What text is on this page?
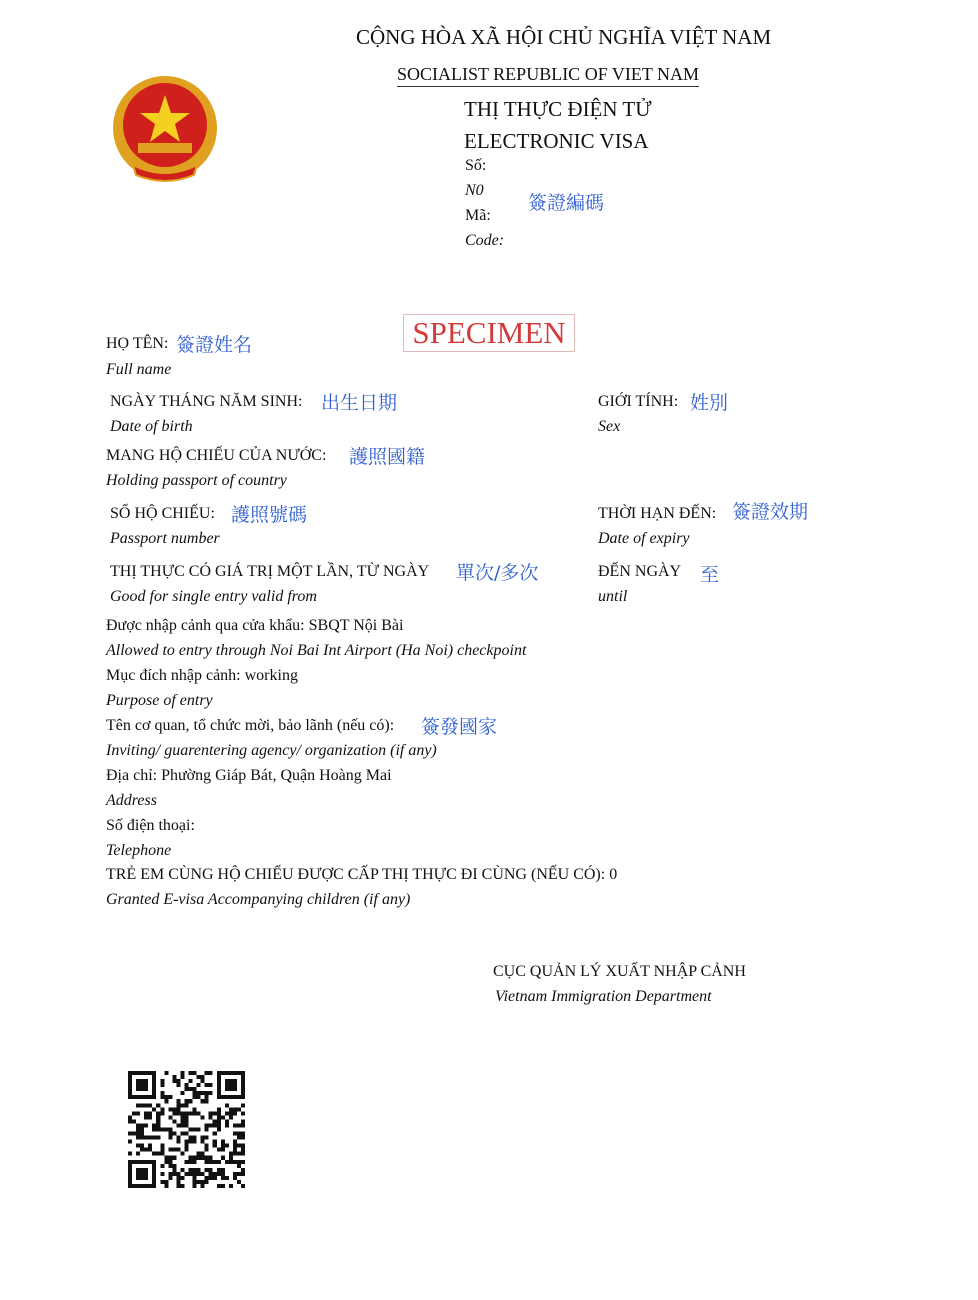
CỘNG HÒA XÃ HỘI CHỦ NGHĨA VIỆT NAM
SOCIALIST REPUBLIC OF VIET NAM
THỊ THỰC ĐIỆN TỬ
ELECTRONIC VISA
Số:
N0
Mã:
Code:
簽證編碼
SPECIMEN
HỌ TÊN: 簽證姓名
Full name
NGÀY THÁNG NĂM SINH: 出生日期
Date of birth
GIỚI TÍNH: 姓別
Sex
MANG HỘ CHIẾU CỦA NƯỚC: 護照國籍
Holding passport of country
SỐ HỘ CHIẾU: 護照號碼
Passport number
THỜI HẠN ĐẾN: 簽證效期
Date of expiry
THỊ THỰC CÓ GIÁ TRỊ MỘT LẦN, TỪ NGÀY 單次/多次
Good for single entry valid from
ĐẾN NGÀY 至
until
Được nhập cảnh qua cửa khẩu: SBQT Nội Bài
Allowed to entry through Noi Bai Int Airport (Ha Noi) checkpoint
Mục đích nhập cảnh: working
Purpose of entry
Tên cơ quan, tổ chức mời, bảo lãnh (nếu có): 簽發國家
Inviting/ guarentering agency/ organization (if any)
Địa chỉ: Phường Giáp Bát, Quận Hoàng Mai
Address
Số điện thoại:
Telephone
TRẺ EM CÙNG HỘ CHIẾU ĐƯỢC CẤP THỊ THỰC ĐI CÙNG (NẾU CÓ): 0
Granted E-visa Accompanying children (if any)
CỤC QUẢN LÝ XUẤT NHẬP CẢNH
Vietnam Immigration Department
